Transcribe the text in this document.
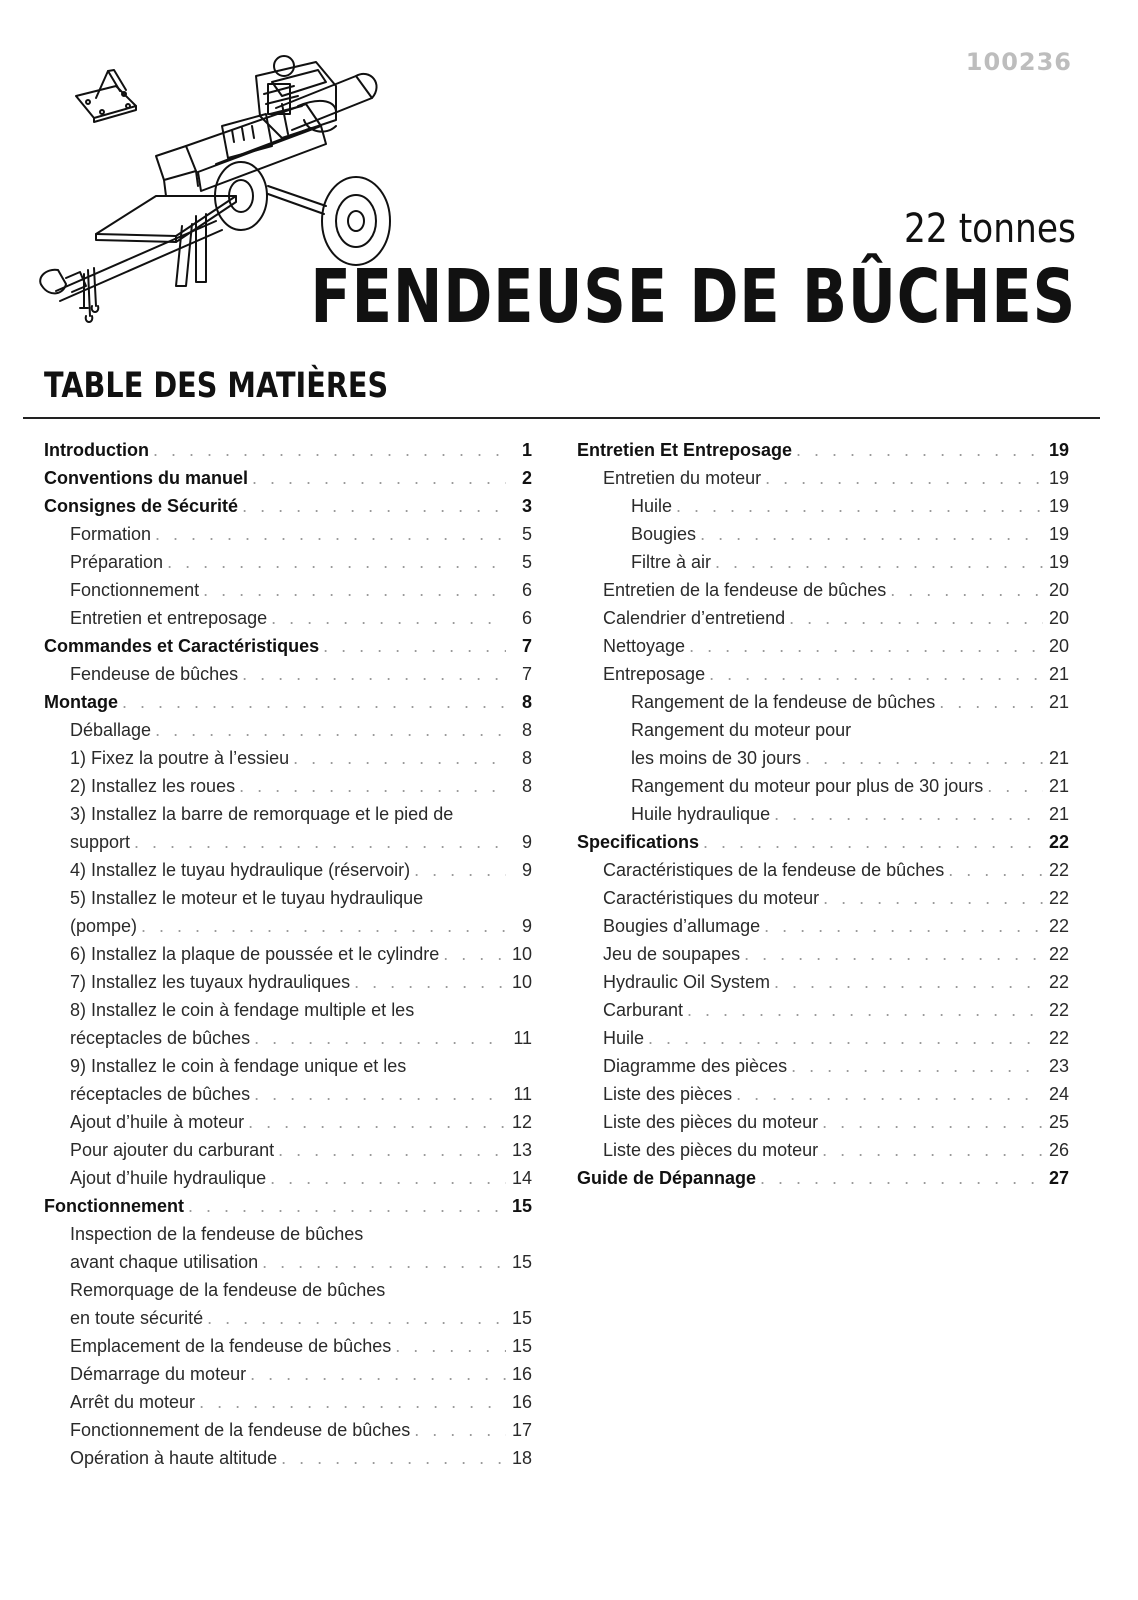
100236
22 tonnes
FENDEUSE DE BÛCHES
TABLE DES MATIÈRES
Introduction . . .	1
Conventions du manuel . . .	2
Consignes de Sécurité . . .	3
Formation . . .	5
Préparation . . .	5
Fonctionnement . . .	6
Entretien et entreposage . . .	6
Commandes et Caractéristiques . . .	7
Fendeuse de bûches . . .	7
Montage . . .	8
Déballage . . .	8
1) Fixez la poutre à l’essieu . . .	8
2) Installez les roues . . .	8
3) Installez la barre de remorquage et le pied de
support . . .	9
4) Installez le tuyau hydraulique (réservoir) . . .	9
5) Installez le moteur et le tuyau hydraulique
(pompe) . . .	9
6) Installez la plaque de poussée et le cylindre . . .	10
7) Installez les tuyaux hydrauliques . . .	10
8) Installez le coin à fendage multiple et les
réceptacles de bûches . . .	11
9) Installez le coin à fendage unique et les
réceptacles de bûches . . .	11
Ajout d’huile à moteur . . .	12
Pour ajouter du carburant . . .	13
Ajout d’huile hydraulique . . .	14
Fonctionnement . . .	15
Inspection de la fendeuse de bûches
avant chaque utilisation . . .	15
Remorquage de la fendeuse de bûches
en toute sécurité . . .	15
Emplacement de la fendeuse de bûches . . .	15
Démarrage du moteur . . .	16
Arrêt du moteur . . .	16
Fonctionnement de la fendeuse de bûches . . .	17
Opération à haute altitude . . .	18
Entretien Et Entreposage . . .	19
Entretien du moteur . . .	19
Huile . . .	19
Bougies . . .	19
Filtre à air . . .	19
Entretien de la fendeuse de bûches . . .	20
Calendrier d’entretiend . . .	20
Nettoyage . . .	20
Entreposage . . .	21
Rangement de la fendeuse de bûches . . .	21
Rangement du moteur pour
les moins de 30 jours . . .	21
Rangement du moteur pour plus de 30 jours . . .	21
Huile hydraulique . . .	21
Specifications . . .	22
Caractéristiques de la fendeuse de bûches . . .	22
Caractéristiques du moteur . . .	22
Bougies d’allumage . . .	22
Jeu de soupapes . . .	22
Hydraulic Oil System . . .	22
Carburant . . .	22
Huile . . .	22
Diagramme des pièces . . .	23
Liste des pièces . . .	24
Liste des pièces du moteur . . .	25
Liste des pièces du moteur . . .	26
Guide de Dépannage . . .	27
